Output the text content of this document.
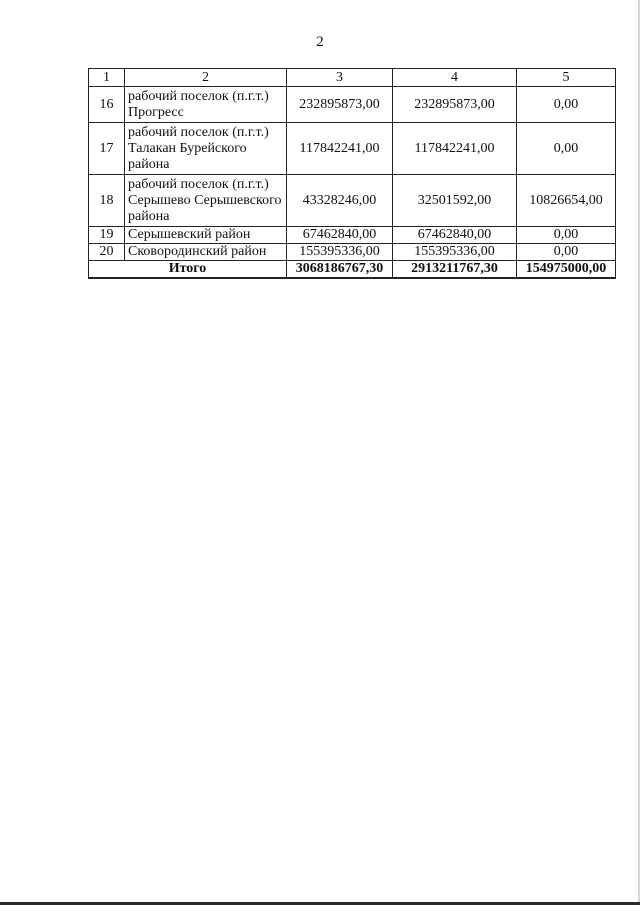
2
1	2	3	4	5
16	рабочий поселок (п.г.т.) Прогресс	232895873,00	232895873,00	0,00
17	рабочий поселок (п.г.т.) Талакан Бурейского района	117842241,00	117842241,00	0,00
18	рабочий поселок (п.г.т.) Серышево Серышевского района	43328246,00	32501592,00	10826654,00
19	Серышевский район	67462840,00	67462840,00	0,00
20	Сковородинский район	155395336,00	155395336,00	0,00
Итого		3068186767,30	2913211767,30	154975000,00
